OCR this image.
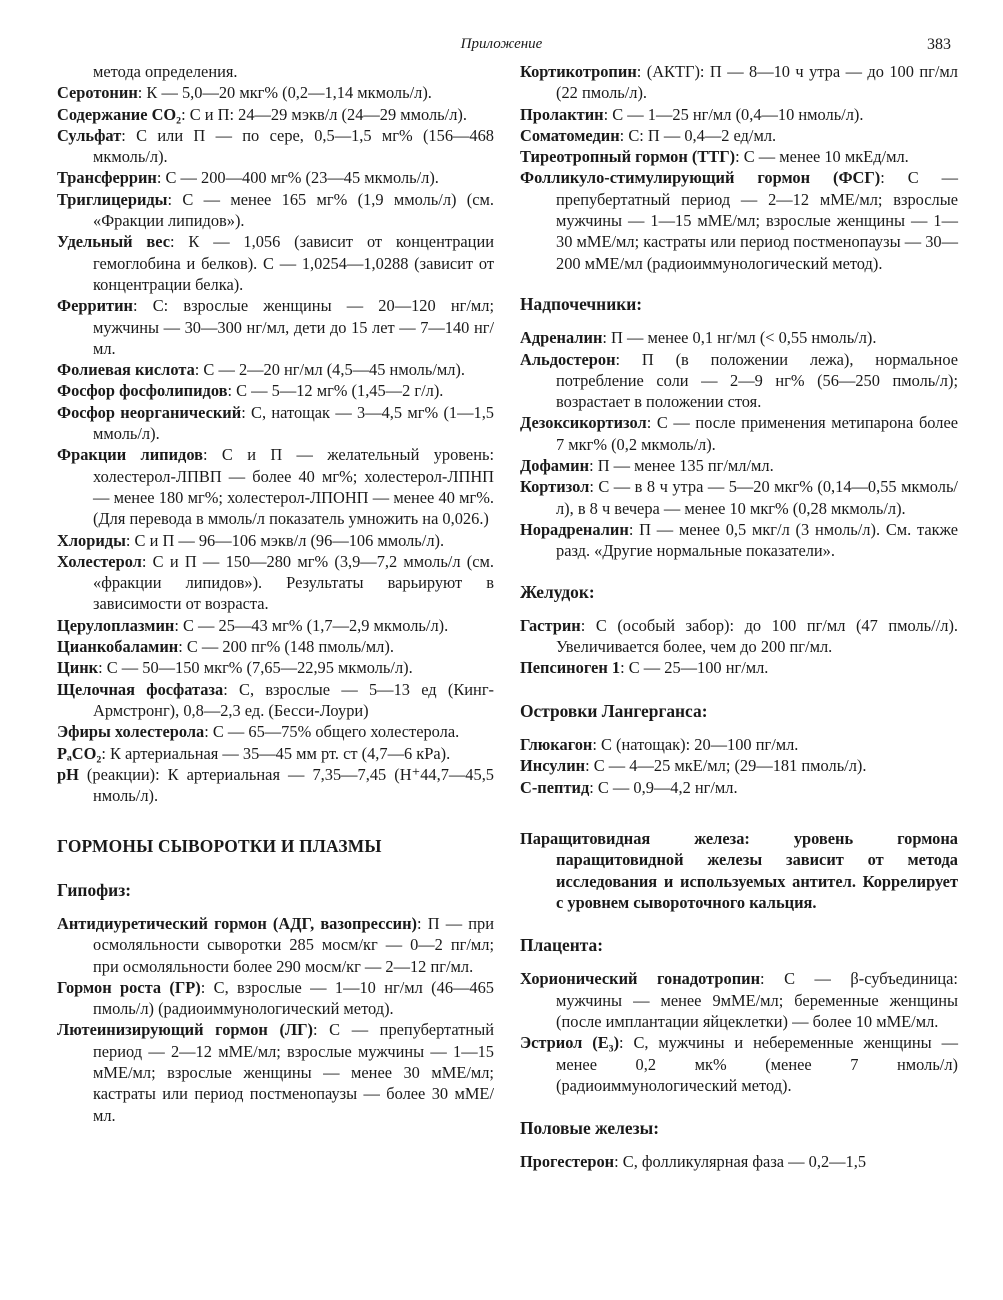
Приложение	383

метода определения.

Серотонин: К — 5,0—20 мкг% (0,2—1,14 мкмоль/л).

Содержание CO₂: С и П: 24—29 мэкв/л (24—29 ммоль/л).

Сульфат: С или П — по сере, 0,5—1,5 мг% (156—468 мкмоль/л).

Трансферрин: С — 200—400 мг% (23—45 мкмоль/л).

Триглицериды: С — менее 165 мг% (1,9 ммоль/л) (см. «Фракции липидов»).

Удельный вес: К — 1,056 (зависит от концентрации гемоглобина и белков). С — 1,0254—1,0288 (зависит от концентрации белка).

Ферритин: С: взрослые женщины — 20—120 нг/мл; мужчины — 30—300 нг/мл, дети до 15 лет — 7—140 нг/мл.

Фолиевая кислота: С — 2—20 нг/мл (4,5—45 нмоль/мл).

Фосфор фосфолипидов: С — 5—12 мг% (1,45—2 г/л).

Фосфор неорганический: С, натощак — 3—4,5 мг% (1—1,5 ммоль/л).

Фракции липидов: С и П — желательный уровень: холестерол-ЛПВП — более 40 мг%; холестерол-ЛПНП — менее 180 мг%; холестерол-ЛПОНП — менее 40 мг%. (Для перевода в ммоль/л показатель умножить на 0,026.)

Хлориды: С и П — 96—106 мэкв/л (96—106 ммоль/л).

Холестерол: С и П — 150—280 мг% (3,9—7,2 ммоль/л (см. «фракции липидов»). Результаты варьируют в зависимости от возраста.

Церулоплазмин: С — 25—43 мг% (1,7—2,9 мкмоль/л).

Цианкобаламин: С — 200 пг% (148 пмоль/мл).

Цинк: С — 50—150 мкг% (7,65—22,95 мкмоль/л).

Щелочная фосфатаза: С, взрослые — 5—13 ед (Кинг-Армстронг), 0,8—2,3 ед. (Бесси-Лоури)

Эфиры холестерола: С — 65—75% общего холестерола.

PₐCO₂: К артериальная — 35—45 мм рт. ст (4,7—6 кРа).

pH (реакции): К артериальная — 7,35—7,45 (H⁺44,7—45,5 нмоль/л).

ГОРМОНЫ СЫВОРОТКИ И ПЛАЗМЫ
Гипофиз:

Антидиуретический гормон (АДГ, вазопрессин): П — при осмоляльности сыворотки 285 мосм/кг — 0—2 пг/мл; при осмоляльности более 290 мосм/кг — 2—12 пг/мл.

Гормон роста (ГР): С, взрослые — 1—10 нг/мл (46—465 пмоль/л) (радиоиммунологический метод).

Лютеинизирующий гормон (ЛГ): С — препубертатный период — 2—12 мМЕ/мл; взрослые мужчины — 1—15 мМЕ/мл; взрослые женщины — менее 30 мМЕ/мл; кастраты или период постменопаузы — более 30 мМЕ/мл.

Кортикотропин: (АКТГ): П — 8—10 ч утра — до 100 пг/мл (22 пмоль/л).

Пролактин: С — 1—25 нг/мл (0,4—10 нмоль/л).

Соматомедин: С: П — 0,4—2 ед/мл.

Тиреотропный гормон (ТТГ): С — менее 10 мкЕд/мл.

Фолликуло-стимулирующий гормон (ФСГ): С — препубертатный период — 2—12 мМЕ/мл; взрослые мужчины — 1—15 мМЕ/мл; взрослые женщины — 1—30 мМЕ/мл; кастраты или период постменопаузы — 30—200 мМЕ/мл (радиоиммунологический метод).

Надпочечники:

Адреналин: П — менее 0,1 нг/мл (< 0,55 нмоль/л).

Альдостерон: П (в положении лежа), нормальное потребление соли — 2—9 нг% (56—250 пмоль/л); возрастает в положении стоя.

Дезоксикортизол: С — после применения метипарона более 7 мкг% (0,2 мкмоль/л).

Дофамин: П — менее 135 пг/мл/мл.

Кортизол: С — в 8 ч утра — 5—20 мкг% (0,14—0,55 мкмоль/л), в 8 ч вечера — менее 10 мкг% (0,28 мкмоль/л).

Норадреналин: П — менее 0,5 мкг/л (3 нмоль/л). См. также разд. «Другие нормальные показатели».

Желудок:

Гастрин: С (особый забор): до 100 пг/мл (47 пмоль//л). Увеличивается более, чем до 200 пг/мл.

Пепсиноген 1: С — 25—100 нг/мл.

Островки Лангерганса:

Глюкагон: С (натощак): 20—100 пг/мл.

Инсулин: С — 4—25 мкЕ/мл; (29—181 пмоль/л).

С-пептид: С — 0,9—4,2 нг/мл.

Паращитовидная железа: уровень гормона паращитовидной железы зависит от метода исследования и используемых антител. Коррелирует с уровнем сывороточного кальция.
Плацента:

Хорионический гонадотропин: С — β-субъединица: мужчины — менее 9мМЕ/мл; беременные женщины (после имплантации яйцеклетки) — более 10 мМЕ/мл.

Эстриол (E₃): С, мужчины и небеременные женщины — менее 0,2 мк% (менее 7 нмоль/л) (радиоиммунологический метод).

Половые железы:

Прогестерон: С, фолликулярная фаза — 0,2—1,5
